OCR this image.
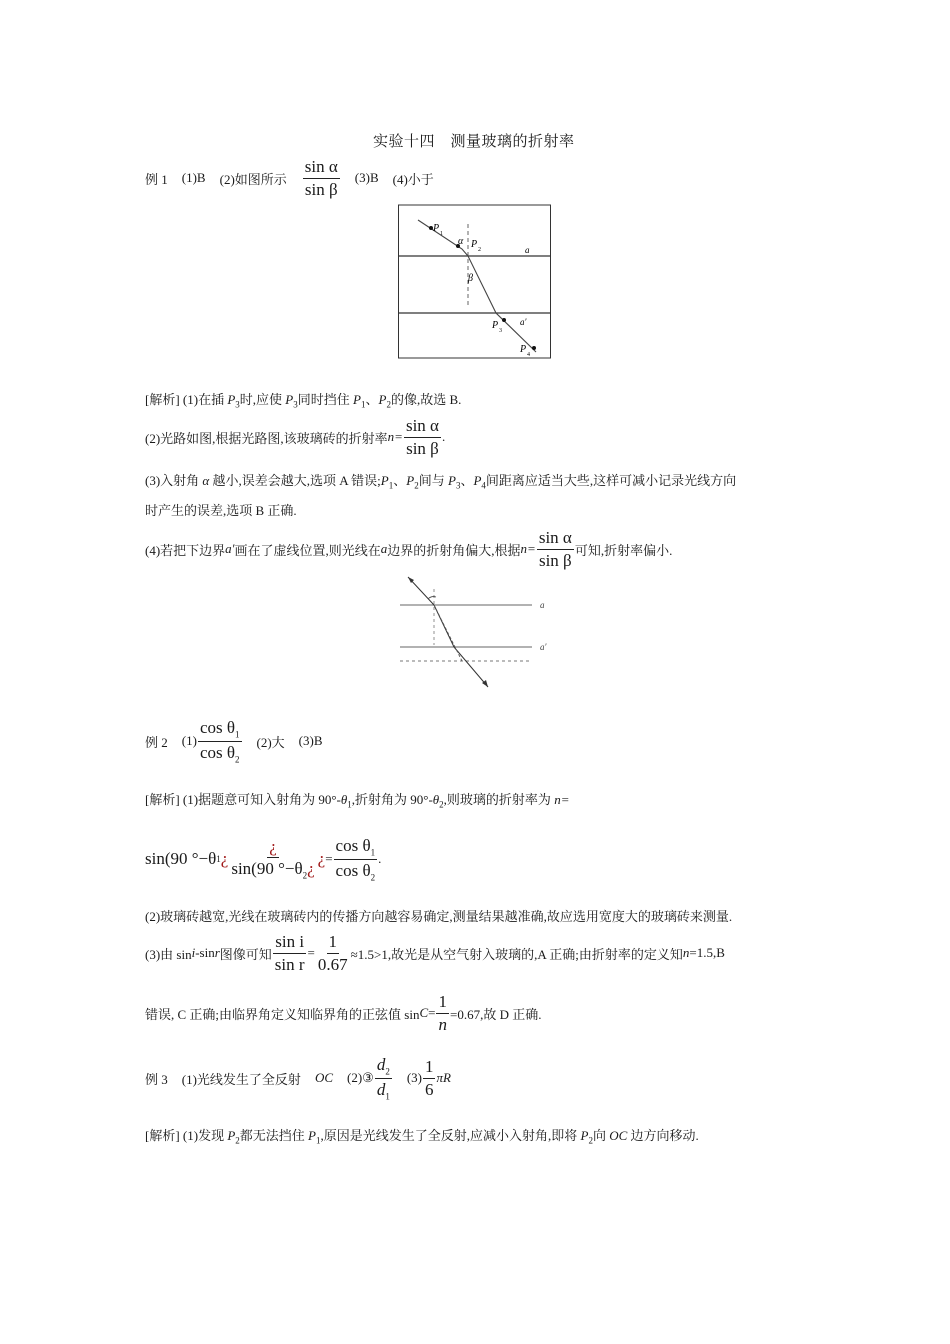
实验十四　测量玻璃的折射率
例 1 (1)B (2)如图所示 $\frac{\text{sin α}}{\text{sin β}} (3)B$ (4)小于
P 1
α P 2	a
β
P 3
a′
P 4
[解析] (1)在插 $P_3$时,应使 $P_3$同时挡住 $P_1$、$P_2$的像,故选 B.
(2)光路如图,根据光路图,该玻璃砖的折射率 $n= \frac{\text{sin α}}{\text{sin β}}$ .
(3)入射角 α 越小,误差会越大,选项 A 错误$;P_1$、$P_2$间与 $P_3$、$P_4$间距离应适当大些,这样可减小记录光线方向
时产生的误差,选项 B 正确.
(4)若把下边界 a′ 画在了虚线位置,则光线在 a 边界的折射角偏大,根据 $n= \frac{\text{sin α}}{\text{sin β}}$ 可知,折射率偏小.
a
a′
例 2 $(1) \frac{\cos \theta_1}{\cos \theta_2} (2)$大 (3)B
[解析] (1)据题意可知入射角为 $90^\circ-\theta_1$,折射角为 $90^\circ-\theta_2$,则玻璃的折射率为 n=
sin⁡(90 °−θ 1 ¿ $\frac{¿}{\sin⁡(90 ^\circ-\theta_2¿}$ ¿ = $\frac{\cos \theta_1}{\cos \theta_2}$ .
(2)玻璃砖越宽,光线在玻璃砖内的传播方向越容易确定,测量结果越准确,故应选用宽度大的玻璃砖来测量.
(3)由 sin i -sin r 图像可知 $\frac{\text{sin i}}{\text{sin r}} = \frac{1}{0.67} \approx 1.5>1$,故光是从空气射入玻璃的,A 正确;由折射率的定义知 n =1.5,B
错误, C 正确;由临界角定义知临界角的正弦值 $\sin C = \frac{1}{n} =0.67$,故 D 正确.
例 3 (1)光线发生了全反射 OC (2)③ $\frac{d_2}{d_1} (3) \frac{1}{6}$ πR
[解析] (1)发现 $P_2$都无法挡住 $P_1$,原因是光线发生了全反射,应减小入射角,即将 $P_2$向 OC 边方向移动.
